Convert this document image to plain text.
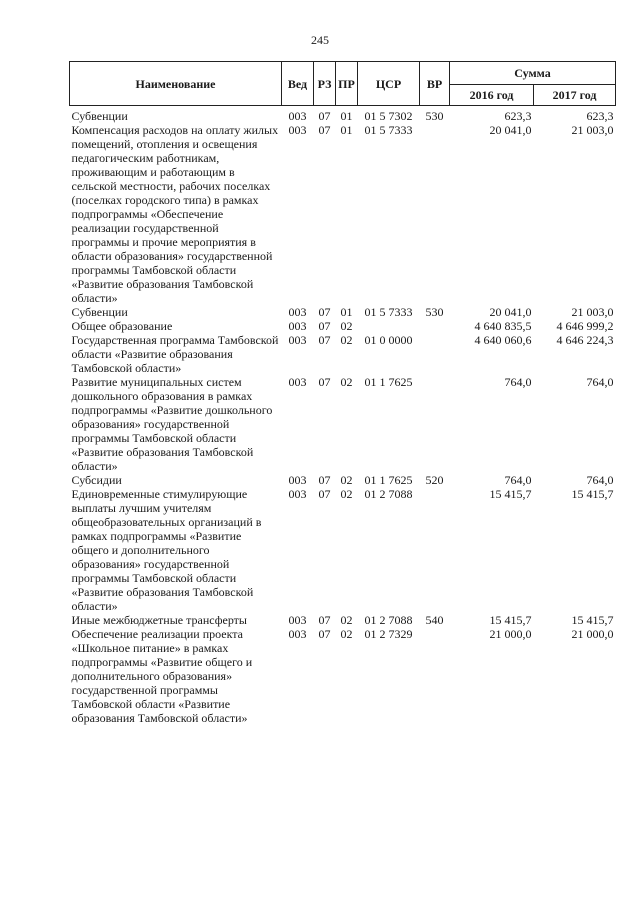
245
Наименование	Вед	РЗ	ПР	ЦСР	ВР	Сумма	
						2016 год	2017 год
Субвенции	003	07	01	01 5 7302	530	623,3	623,3
Компенсация расходов на оплату жилых помещений, отопления и освещения педагогическим работникам, проживающим и работающим в сельской местности, рабочих поселках (поселках городского типа) в рамках подпрограммы «Обеспечение реализации государственной программы и прочие мероприятия в области образования» государственной программы Тамбовской области «Развитие образования Тамбовской области»	003	07	01	01 5 7333		20 041,0	21 003,0
Субвенции	003	07	01	01 5 7333	530	20 041,0	21 003,0
Общее образование	003	07	02			4 640 835,5	4 646 999,2
Государственная программа Тамбовской области «Развитие образования Тамбовской области»	003	07	02	01 0 0000		4 640 060,6	4 646 224,3
Развитие муниципальных систем дошкольного образования в рамках подпрограммы «Развитие дошкольного образования» государственной программы Тамбовской области «Развитие образования Тамбовской области»	003	07	02	01 1 7625		764,0	764,0
Субсидии	003	07	02	01 1 7625	520	764,0	764,0
Единовременные стимулирующие выплаты лучшим учителям общеобразовательных организаций в рамках подпрограммы «Развитие общего и дополнительного образования» государственной программы Тамбовской области «Развитие образования Тамбовской области»	003	07	02	01 2 7088		15 415,7	15 415,7
Иные межбюджетные трансферты	003	07	02	01 2 7088	540	15 415,7	15 415,7
Обеспечение реализации проекта «Школьное питание» в рамках подпрограммы «Развитие общего и дополнительного образования» государственной программы Тамбовской области «Развитие образования Тамбовской области»	003	07	02	01 2 7329		21 000,0	21 000,0
